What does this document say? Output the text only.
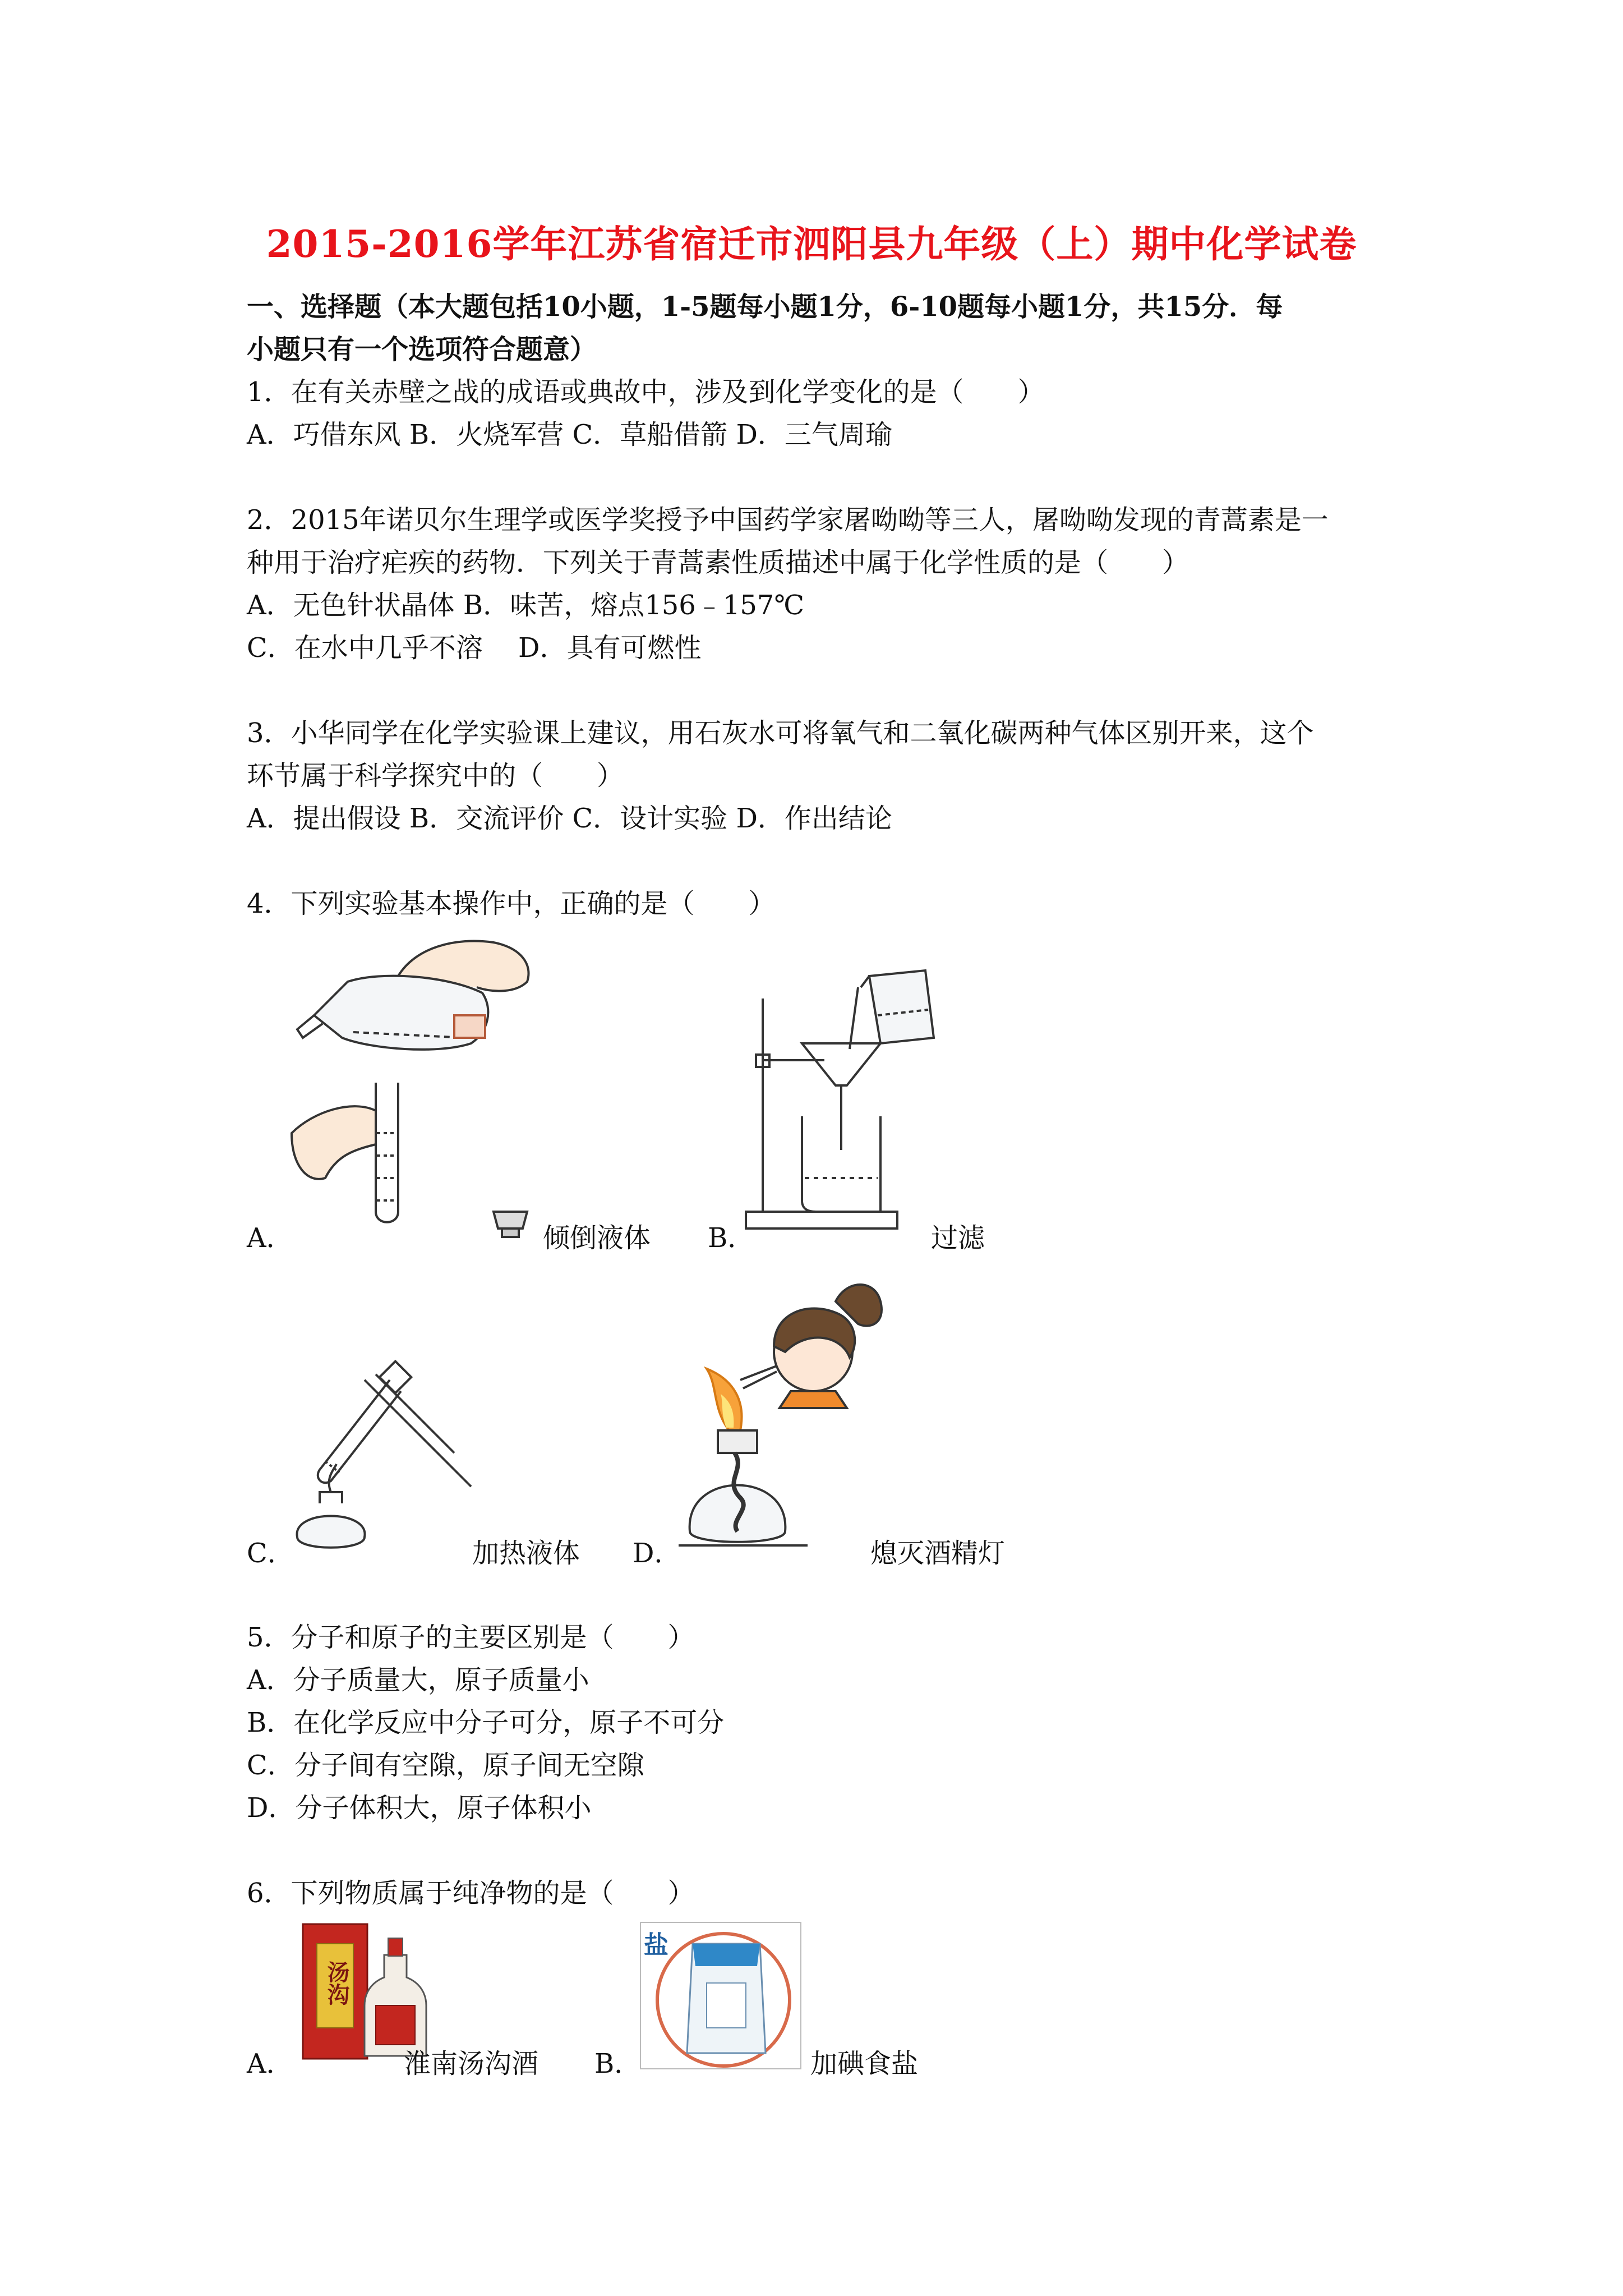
2015-2016学年江苏省宿迁市泗阳县九年级（上）期中化学试卷
一、选择题（本大题包括10小题，1-5题每小题1分，6-10题每小题1分，共15分．每
小题只有一个选项符合题意）
1．在有关赤壁之战的成语或典故中，涉及到化学变化的是（　　）
A．巧借东风 B．火烧军营 C．草船借箭 D．三气周瑜
2．2015年诺贝尔生理学或医学奖授予中国药学家屠呦呦等三人，屠呦呦发现的青蒿素是一
种用于治疗疟疾的药物．下列关于青蒿素性质描述中属于化学性质的是（　　）
A．无色针状晶体 B．味苦，熔点156﹣157℃
C．在水中几乎不溶　 D．具有可燃性
3．小华同学在化学实验课上建议，用石灰水可将氧气和二氧化碳两种气体区别开来，这个
环节属于科学探究中的（　　）
A．提出假设 B．交流评价 C．设计实验 D．作出结论
4．下列实验基本操作中，正确的是（　　）
A．	倾倒液体 B．	过滤
C．	加热液体 D．	熄灭酒精灯
5．分子和原子的主要区别是（　　）
A．分子质量大，原子质量小
B．在化学反应中分子可分，原子不可分
C．分子间有空隙，原子间无空隙
D．分子体积大，原子体积小
6．下列物质属于纯净物的是（　　）
汤沟
A．	淮南汤沟酒
盐
B．	加碘食盐
